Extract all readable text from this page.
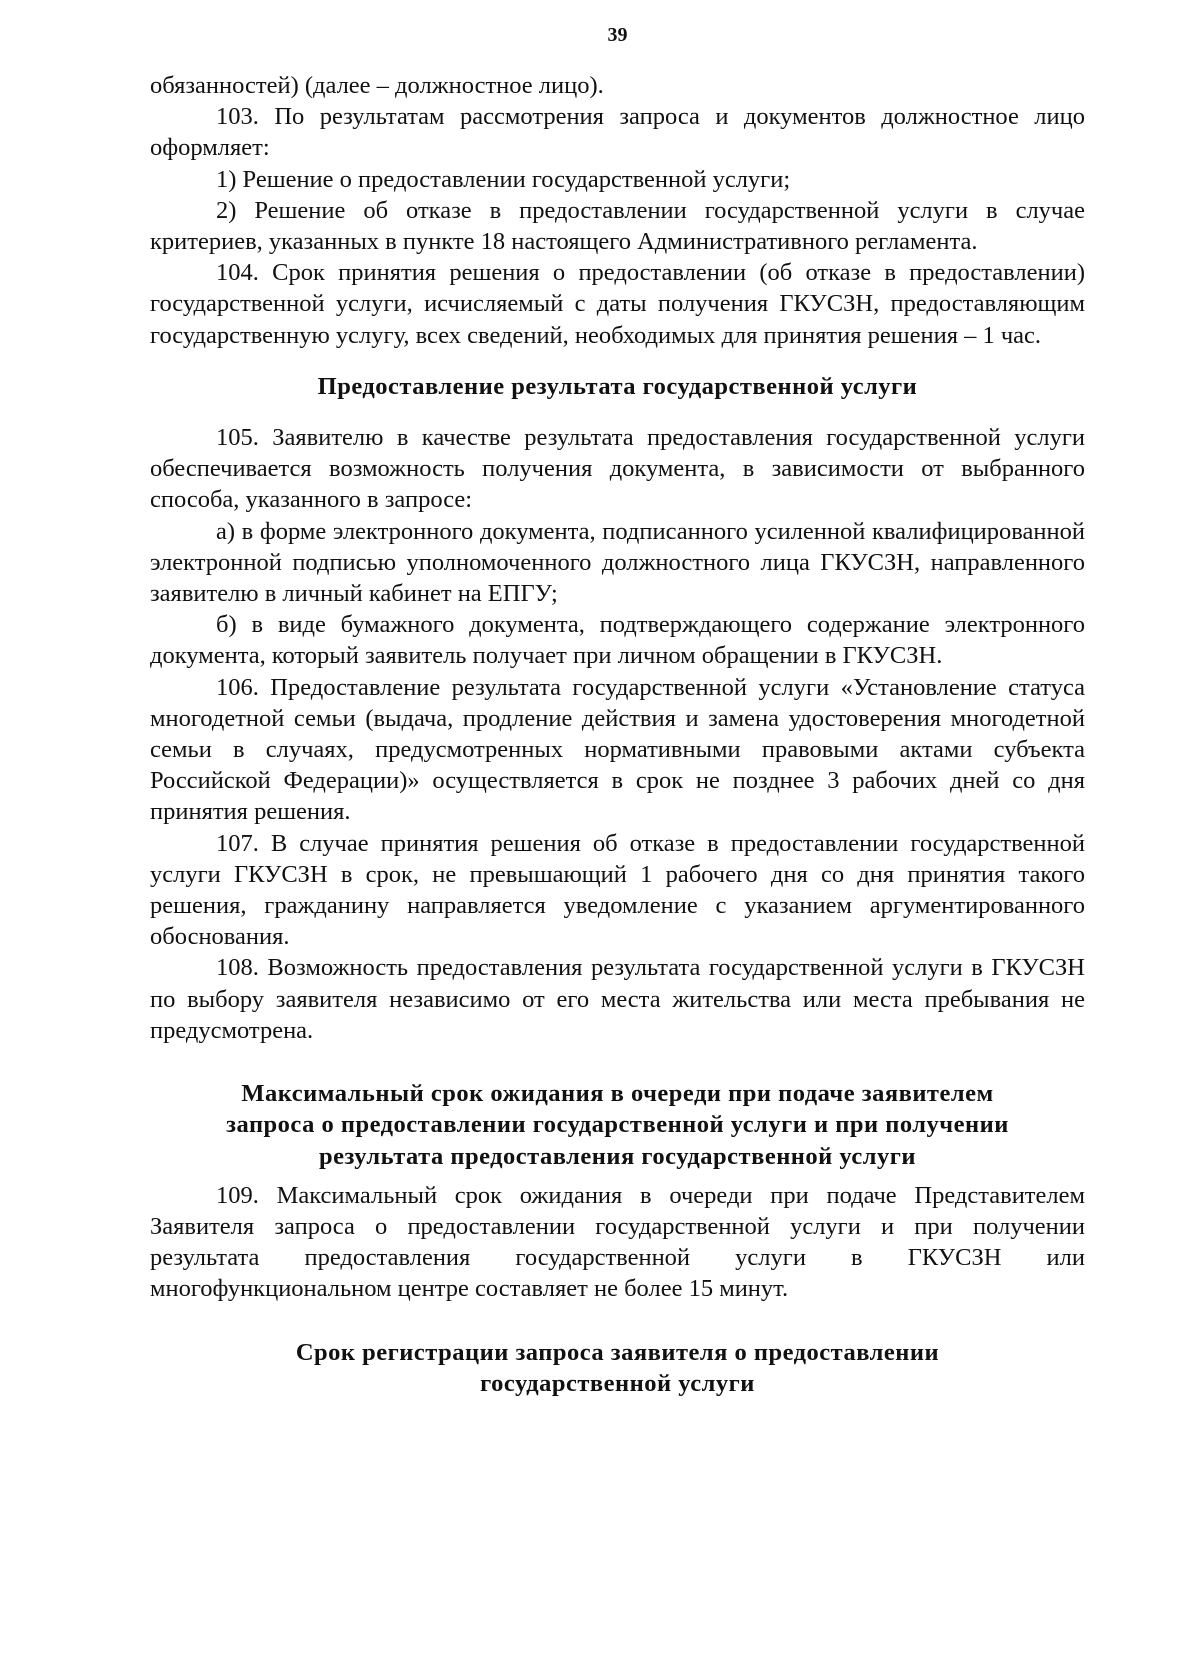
39

обязанностей) (далее – должностное лицо).

103. По результатам рассмотрения запроса и документов должностное лицо оформляет:

1) Решение о предоставлении государственной услуги;

2) Решение об отказе в предоставлении государственной услуги в случае критериев, указанных в пункте 18 настоящего Административного регламента.

104. Срок принятия решения о предоставлении (об отказе в предоставлении) государственной услуги, исчисляемый с даты получения ГКУСЗН, предоставляющим государственную услугу, всех сведений, необходимых для принятия решения – 1 час.

Предоставление результата государственной услуги

105. Заявителю в качестве результата предоставления государственной услуги обеспечивается возможность получения документа, в зависимости от выбранного способа, указанного в запросе:

а) в форме электронного документа, подписанного усиленной квалифицированной электронной подписью уполномоченного должностного лица ГКУСЗН, направленного заявителю в личный кабинет на ЕПГУ;

б) в виде бумажного документа, подтверждающего содержание электронного документа, который заявитель получает при личном обращении в ГКУСЗН.

106. Предоставление результата государственной услуги «Установление статуса многодетной семьи (выдача, продление действия и замена удостоверения многодетной семьи в случаях, предусмотренных нормативными правовыми актами субъекта Российской Федерации)» осуществляется в срок не позднее 3 рабочих дней со дня принятия решения.

107. В случае принятия решения об отказе в предоставлении государственной услуги ГКУСЗН в срок, не превышающий 1 рабочего дня со дня принятия такого решения, гражданину направляется уведомление с указанием аргументированного обоснования.

108. Возможность предоставления результата государственной услуги в ГКУСЗН по выбору заявителя независимо от его места жительства или места пребывания не предусмотрена.

Максимальный срок ожидания в очереди при подаче заявителем
запроса о предоставлении государственной услуги и при получении
результата предоставления государственной услуги

109. Максимальный срок ожидания в очереди при подаче Представителем Заявителя запроса о предоставлении государственной услуги и при получении результата предоставления государственной услуги в ГКУСЗН или многофункциональном центре составляет не более 15 минут.

Срок регистрации запроса заявителя о предоставлении
государственной услуги
